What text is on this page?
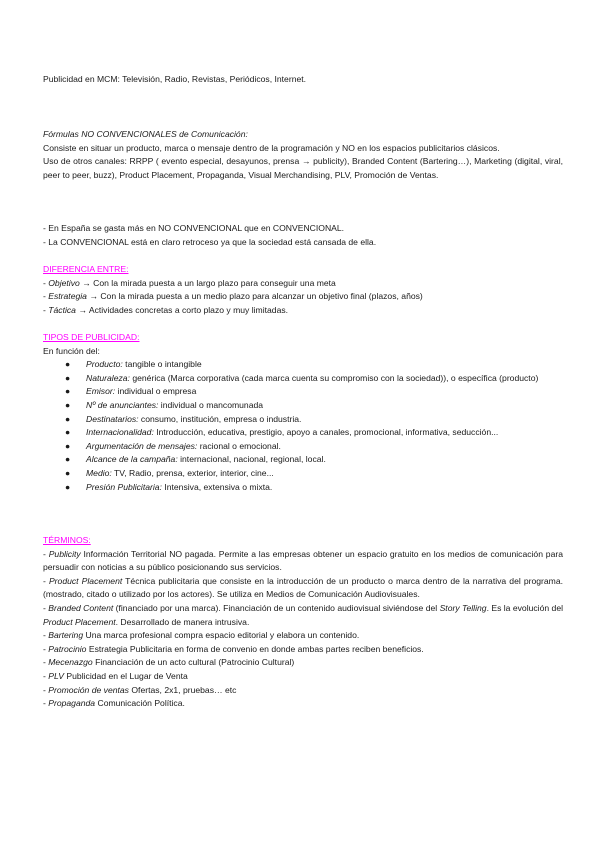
Publicidad en MCM: Televisión, Radio, Revistas, Periódicos, Internet.

Fórmulas NO CONVENCIONALES de Comunicación:

Consiste en situar un producto, marca o mensaje dentro de la programación y NO en los espacios publicitarios clásicos.

Uso de otros canales: RRPP ( evento especial, desayunos, prensa → publicity), Branded Content (Bartering…), Marketing (digital, viral, peer to peer, buzz), Product Placement, Propaganda, Visual Merchandising, PLV, Promoción de Ventas.

- En España se gasta más en NO CONVENCIONAL que en CONVENCIONAL.

- La CONVENCIONAL está en claro retroceso ya que la sociedad está cansada de ella.

DIFERENCIA ENTRE:

- Objetivo → Con la mirada puesta a un largo plazo para conseguir una meta

- Estrategia → Con la mirada puesta a un medio plazo para alcanzar un objetivo final (plazos, años)

- Táctica → Actividades concretas a corto plazo y muy limitadas.

TIPOS DE PUBLICIDAD:

En función del:

● Producto: tangible o intangible
● Naturaleza: genérica (Marca corporativa (cada marca cuenta su compromiso con la sociedad)), o específica (producto)
● Emisor: individual o empresa
● Nº de anunciantes: individual o mancomunada
● Destinatarios: consumo, institución, empresa o industria.
● Internacionalidad: Introducción, educativa, prestigio, apoyo a canales, promocional, informativa, seducción...
● Argumentación de mensajes: racional o emocional.
● Alcance de la campaña: internacional, nacional, regional, local.
● Medio: TV, Radio, prensa, exterior, interior, cine...
● Presión Publicitaria: Intensiva, extensiva o mixta.

TÉRMINOS:

- Publicity Información Territorial NO pagada. Permite a las empresas obtener un espacio gratuito en los medios de comunicación para persuadir con noticias a su público posicionando sus servicios.

- Product Placement Técnica publicitaria que consiste en la introducción de un producto o marca dentro de la narrativa del programa. (mostrado, citado o utilizado por los actores). Se utiliza en Medios de Comunicación Audiovisuales.

- Branded Content (financiado por una marca). Financiación de un contenido audiovisual siviéndose del Story Telling. Es la evolución del Product Placement. Desarrollado de manera intrusiva.

- Bartering Una marca profesional compra espacio editorial y elabora un contenido.

- Patrocinio Estrategia Publicitaria en forma de convenio en donde ambas partes reciben beneficios.

- Mecenazgo Financiación de un acto cultural (Patrocinio Cultural)

- PLV Publicidad en el Lugar de Venta

- Promoción de ventas Ofertas, 2x1, pruebas… etc

- Propaganda Comunicación Política.
